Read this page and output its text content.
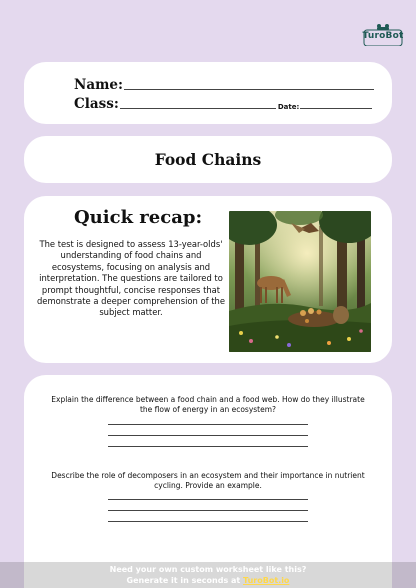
TuroBot
Name:
Class:	Date:
Food Chains
Quick recap:
The test is designed to assess 13-year-olds' understanding of food chains and ecosystems, focusing on analysis and interpretation. The questions are tailored to prompt thoughtful, concise responses that demonstrate a deeper comprehension of the subject matter.
Explain the difference between a food chain and a food web. How do they illustrate the flow of energy in an ecosystem?
Describe the role of decomposers in an ecosystem and their importance in nutrient cycling. Provide an example.
Need your own custom worksheet like this?
Generate it in seconds at TuroBot.io
